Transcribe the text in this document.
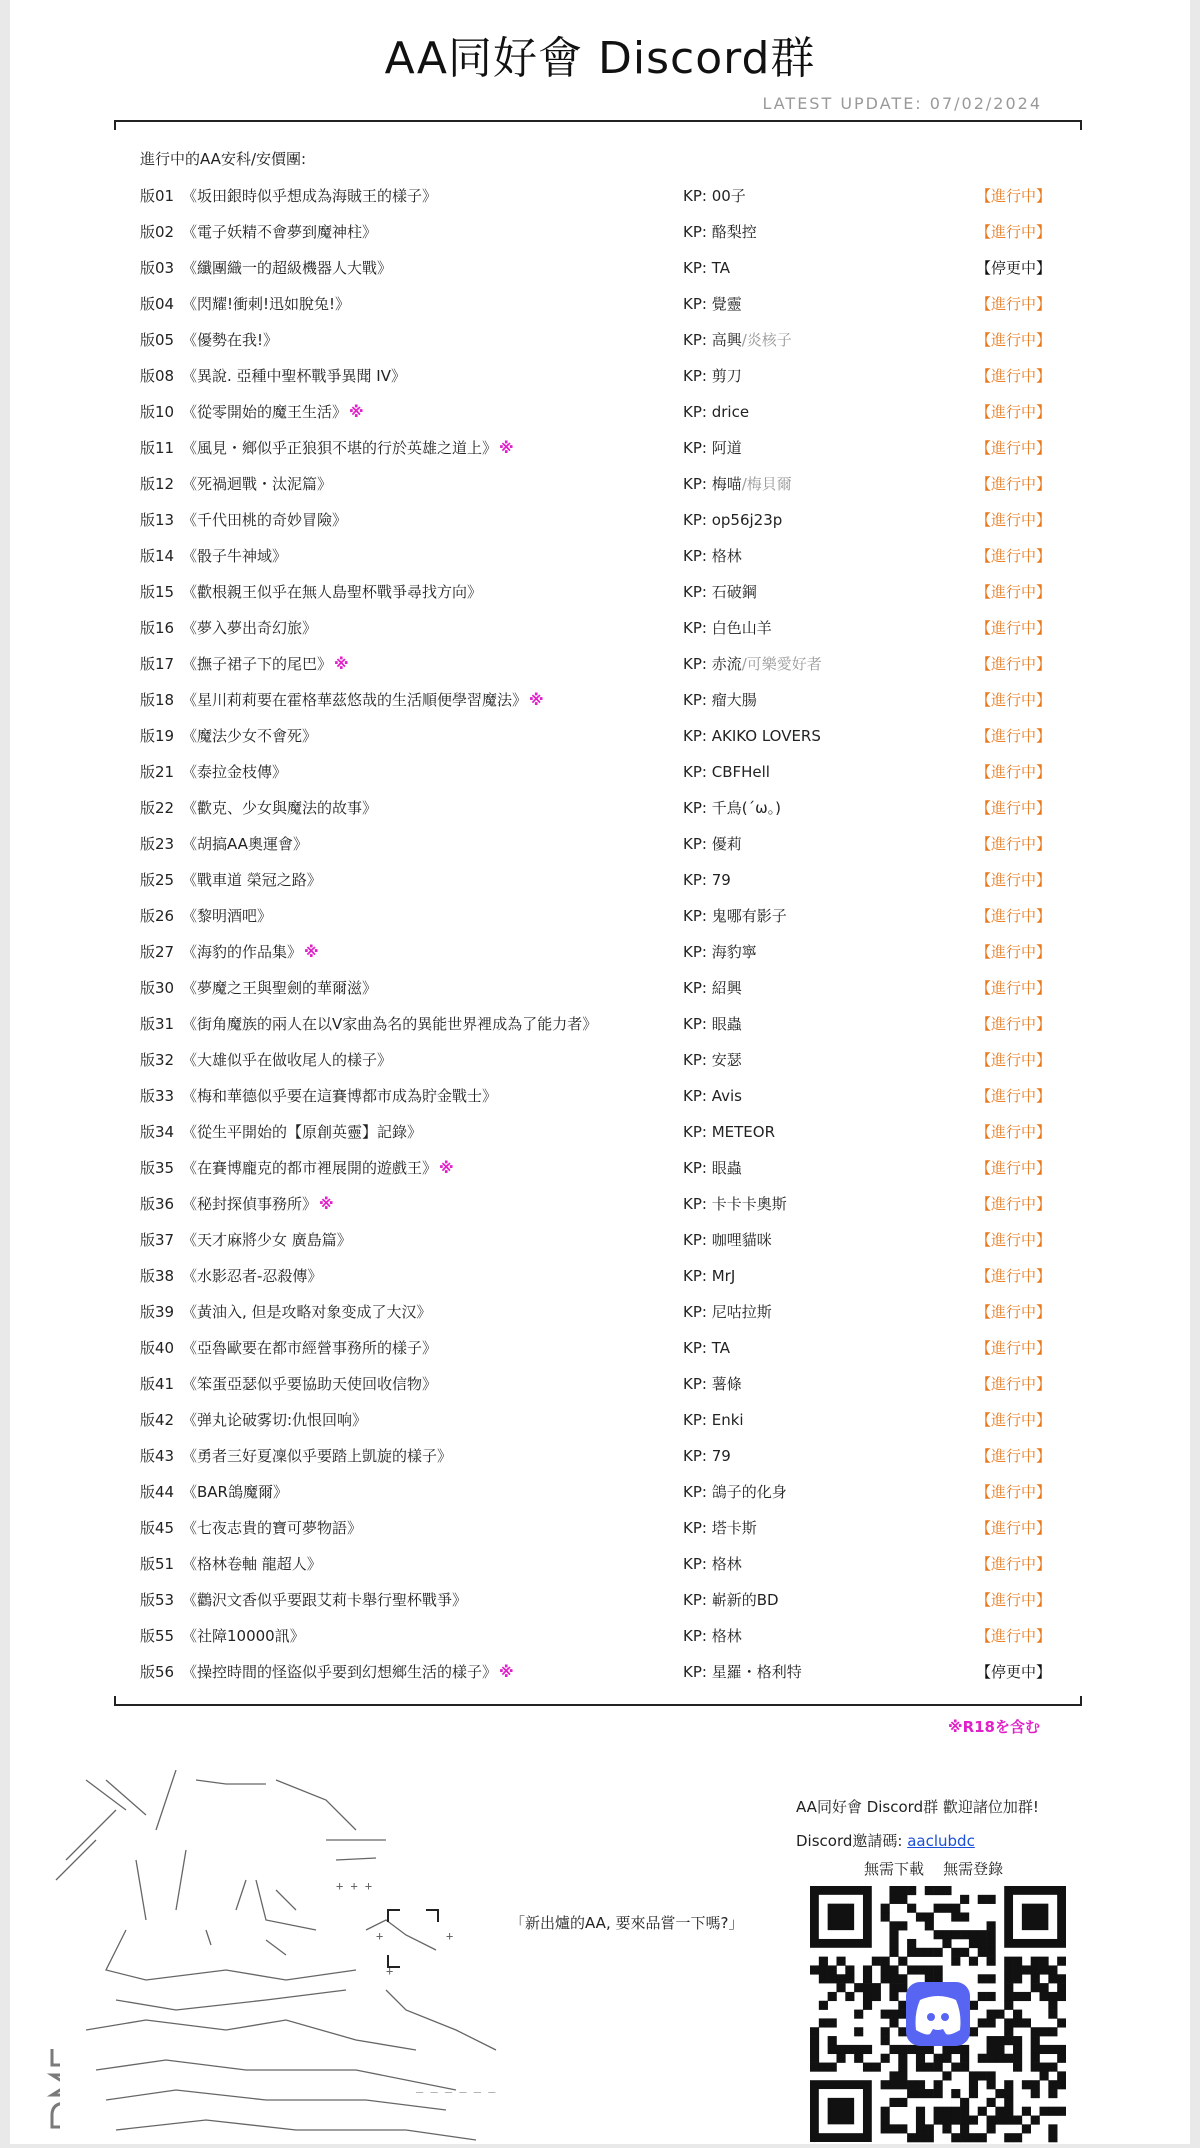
AA同好會 Discord群
LATEST UPDATE: 07/02/2024
進行中的AA安科/安價團:
版01 《坂田銀時似乎想成為海賊王的樣子》	KP: 00子	【進行中】
版02 《電子妖精不會夢到魔神柱》	KP: 酪梨控	【進行中】
版03 《纖團織一的超級機器人大戰》	KP: TA	【停更中】
版04 《閃耀!衝刺!迅如脫兔!》	KP: 覺靈	【進行中】
版05 《優勢在我!》	KP: 高興/炎核子	【進行中】
版08 《異說. 亞種中聖杯戰爭異聞 IV》	KP: 剪刀	【進行中】
版10 《從零開始的魔王生活》 ※	KP: drice	【進行中】
版11 《風見・鄉似乎正狼狽不堪的行於英雄之道上》 ※	KP: 阿道	【進行中】
版12 《死禍迴戰・汰泥篇》	KP: 梅喵/梅貝爾	【進行中】
版13 《千代田桃的奇妙冒險》	KP: op56j23p	【進行中】
版14 《骰子牛神域》	KP: 格林	【進行中】
版15 《歡根親王似乎在無人島聖杯戰爭尋找方向》	KP: 石破鋼	【進行中】
版16 《夢入夢出奇幻旅》	KP: 白色山羊	【進行中】
版17 《撫子裙子下的尾巴》 ※	KP: 赤流/可樂愛好者	【進行中】
版18 《星川莉莉要在霍格華茲悠哉的生活順便學習魔法》 ※	KP: 瘤大腸	【進行中】
版19 《魔法少女不會死》	KP: AKIKO LOVERS	【進行中】
版21 《泰拉金枝傳》	KP: CBFHell	【進行中】
版22 《歡克、少女與魔法的故事》	KP: 千鳥(´ω。)	【進行中】
版23 《胡搞AA奧運會》	KP: 優莉	【進行中】
版25 《戰車道 榮冠之路》	KP: 79	【進行中】
版26 《黎明酒吧》	KP: 鬼哪有影子	【進行中】
版27 《海豹的作品集》 ※	KP: 海豹寧	【進行中】
版30 《夢魔之王與聖劍的華爾滋》	KP: 紹興	【進行中】
版31 《街角魔族的兩人在以V家曲為名的異能世界裡成為了能力者》	KP: 眼蟲	【進行中】
版32 《大雄似乎在做收尾人的樣子》	KP: 安瑟	【進行中】
版33 《梅和華德似乎要在這賽博都市成為貯金戰士》	KP: Avis	【進行中】
版34 《從生平開始的【原創英靈】記錄》	KP: METEOR	【進行中】
版35 《在賽博龐克的都市裡展開的遊戲王》 ※	KP: 眼蟲	【進行中】
版36 《秘封探偵事務所》 ※	KP: 卡卡卡奧斯	【進行中】
版37 《天才麻將少女 廣島篇》	KP: 咖哩貓咪	【進行中】
版38 《水影忍者-忍殺傳》	KP: MrJ	【進行中】
版39 《黃油入, 但是攻略对象变成了大汉》	KP: 尼咕拉斯	【進行中】
版40 《亞魯歐要在都市經營事務所的樣子》	KP: TA	【進行中】
版41 《笨蛋亞瑟似乎要協助天使回收信物》	KP: 薯條	【進行中】
版42 《弹丸论破雾切:仇恨回响》	KP: Enki	【進行中】
版43 《勇者三好夏凜似乎要踏上凱旋的樣子》	KP: 79	【進行中】
版44 《BAR鴿魔爾》	KP: 鴿子的化身	【進行中】
版45 《七夜志貴的寶可夢物語》	KP: 塔卡斯	【進行中】
版51 《格林卷軸 龍超人》	KP: 格林	【進行中】
版53 《鸛沢文香似乎要跟艾莉卡舉行聖杯戰爭》	KP: 嶄新的BD	【進行中】
版55 《社障10000訊》	KP: 格林	【進行中】
版56 《操控時間的怪盜似乎要到幻想鄉生活的樣子》 ※	KP: 星羅・格利特	【停更中】
※R18を含む
+ + +
+	+
+
_ _ _ _ _ _
「新出爐的AA, 要來品嘗一下嗎?」
AA同好會 Discord群 歡迎諸位加群!
Discord邀請碼: aaclubdc
無需下載 無需登錄
